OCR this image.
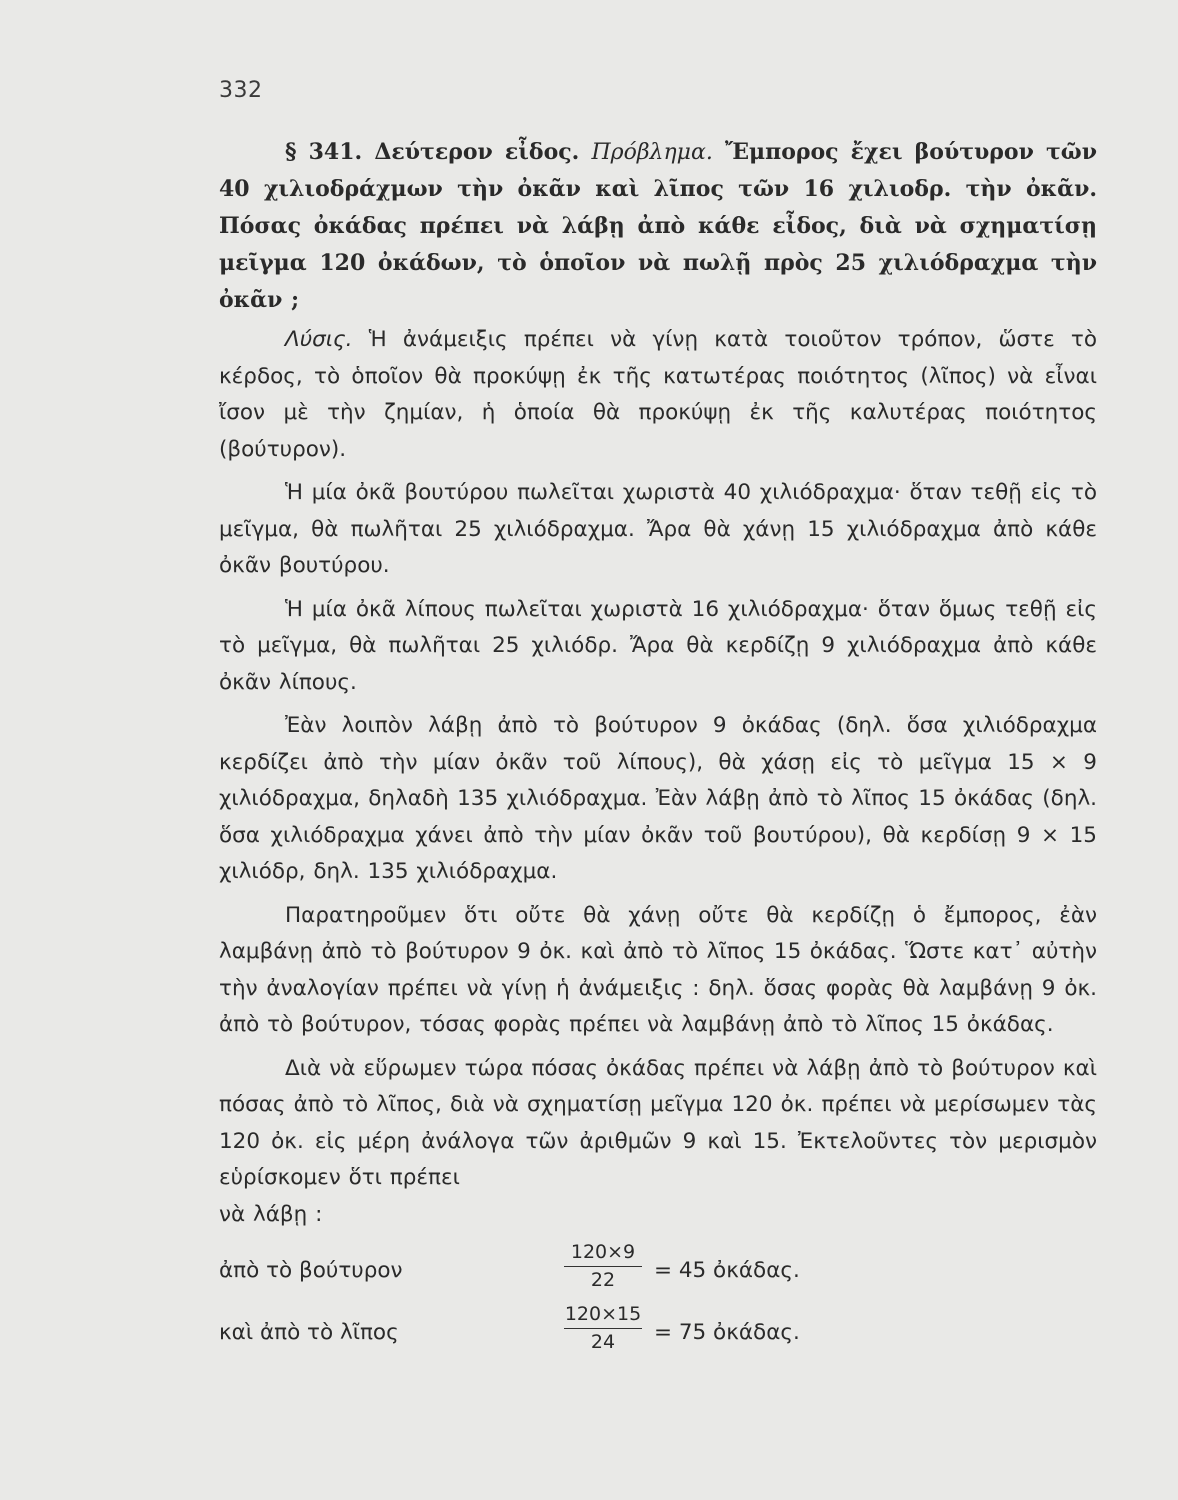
332

§ 341. Δεύτερον εἶδος. Πρόβλημα. Ἔμπορος ἔχει βούτυρον τῶν 40 χιλιοδράχμων τὴν ὀκᾶν καὶ λῖπος τῶν 16 χιλιοδρ. τὴν ὀκᾶν. Πόσας ὀκάδας πρέπει νὰ λάβῃ ἀπὸ κάθε εἶδος, διὰ νὰ σχηματίσῃ μεῖγμα 120 ὀκάδων, τὸ ὁποῖον νὰ πωλῇ πρὸς 25 χιλιόδραχμα τὴν ὀκᾶν ;

Λύσις. Ἡ ἀνάμειξις πρέπει νὰ γίνῃ κατὰ τοιοῦτον τρόπον, ὥστε τὸ κέρδος, τὸ ὁποῖον θὰ προκύψῃ ἐκ τῆς κατωτέρας ποιότητος (λῖπος) νὰ εἶναι ἴσον μὲ τὴν ζημίαν, ἡ ὁποία θὰ προκύψῃ ἐκ τῆς καλυτέρας ποιότητος (βούτυρον).

Ἡ μία ὀκᾶ βουτύρου πωλεῖται χωριστὰ 40 χιλιόδραχμα· ὅταν τεθῇ εἰς τὸ μεῖγμα, θὰ πωλῆται 25 χιλιόδραχμα. Ἄρα θὰ χάνῃ 15 χιλιόδραχμα ἀπὸ κάθε ὀκᾶν βουτύρου.

Ἡ μία ὀκᾶ λίπους πωλεῖται χωριστὰ 16 χιλιόδραχμα· ὅταν ὅμως τεθῇ εἰς τὸ μεῖγμα, θὰ πωλῆται 25 χιλιόδρ. Ἄρα θὰ κερδίζῃ 9 χιλιόδραχμα ἀπὸ κάθε ὀκᾶν λίπους.

Ἐὰν λοιπὸν λάβῃ ἀπὸ τὸ βούτυρον 9 ὀκάδας (δηλ. ὅσα χιλιόδραχμα κερδίζει ἀπὸ τὴν μίαν ὀκᾶν τοῦ λίπους), θὰ χάσῃ εἰς τὸ μεῖγμα 15 × 9 χιλιόδραχμα, δηλαδὴ 135 χιλιόδραχμα. Ἐὰν λάβῃ ἀπὸ τὸ λῖπος 15 ὀκάδας (δηλ. ὅσα χιλιόδραχμα χάνει ἀπὸ τὴν μίαν ὀκᾶν τοῦ βουτύρου), θὰ κερδίσῃ 9 × 15 χιλιόδρ, δηλ. 135 χιλιόδραχμα.

Παρατηροῦμεν ὅτι οὔτε θὰ χάνῃ οὔτε θὰ κερδίζῃ ὁ ἔμπορος, ἐὰν λαμβάνῃ ἀπὸ τὸ βούτυρον 9 ὀκ. καὶ ἀπὸ τὸ λῖπος 15 ὀκάδας. Ὥστε κατ᾽ αὐτὴν τὴν ἀναλογίαν πρέπει νὰ γίνῃ ἡ ἀνάμειξις : δηλ. ὅσας φορὰς θὰ λαμβάνῃ 9 ὀκ. ἀπὸ τὸ βούτυρον, τόσας φορὰς πρέπει νὰ λαμβάνῃ ἀπὸ τὸ λῖπος 15 ὀκάδας.

Διὰ νὰ εὕρωμεν τώρα πόσας ὀκάδας πρέπει νὰ λάβῃ ἀπὸ τὸ βούτυρον καὶ πόσας ἀπὸ τὸ λῖπος, διὰ νὰ σχηματίσῃ μεῖγμα 120 ὀκ. πρέπει νὰ μερίσωμεν τὰς 120 ὀκ. εἰς μέρη ἀνάλογα τῶν ἀριθμῶν 9 καὶ 15. Ἐκτελοῦντες τὸν μερισμὸν εὑρίσκομεν ὅτι πρέπει

νὰ λάβῃ :

ἀπὸ τὸ βούτυρον	$\frac{120\times 9}{22} = 45$ ὀκάδας.
καὶ ἀπὸ τὸ λῖπος	$\frac{120\times 15}{24} = 75$ ὀκάδας.
